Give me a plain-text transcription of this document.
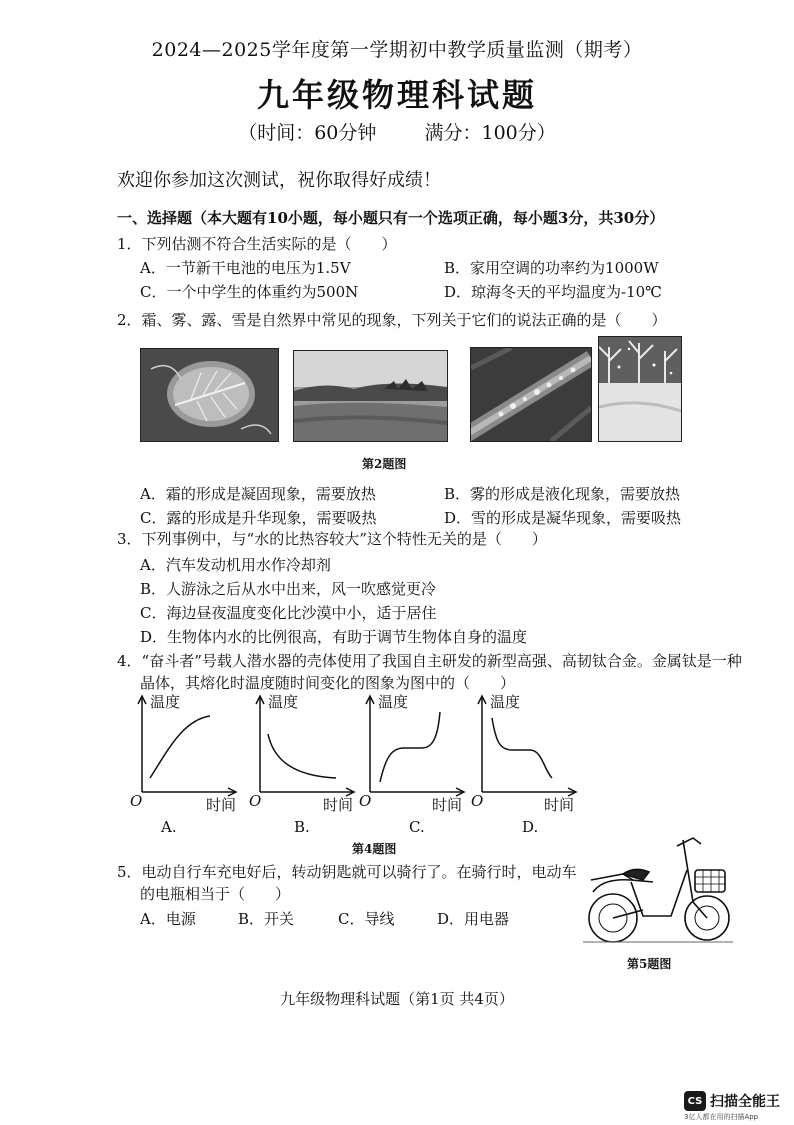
2024—2025学年度第一学期初中教学质量监测（期考）
九年级物理科试题
（时间：60分钟	满分：100分）
欢迎你参加这次测试，祝你取得好成绩！
一、选择题（本大题有10小题，每小题只有一个选项正确，每小题3分，共30分）
1．下列估测不符合生活实际的是（　　）
A．一节新干电池的电压为1.5V	B．家用空调的功率约为1000W
C．一个中学生的体重约为500N	D．琼海冬天的平均温度为-10℃
2．霜、雾、露、雪是自然界中常见的现象，下列关于它们的说法正确的是（　　）
第2题图
A．霜的形成是凝固现象，需要放热	B．雾的形成是液化现象，需要放热
C．露的形成是升华现象，需要吸热	D．雪的形成是凝华现象，需要吸热
3．下列事例中，与“水的比热容较大”这个特性无关的是（　　）
A．汽车发动机用水作冷却剂
B．人游泳之后从水中出来，风一吹感觉更冷
C．海边昼夜温度变化比沙漠中小，适于居住
D．生物体内水的比例很高，有助于调节生物体自身的温度
4．“奋斗者”号载人潜水器的壳体使用了我国自主研发的新型高强、高韧钛合金。金属钛是一种
晶体，其熔化时温度随时间变化的图象为图中的（　　）
温度
O	时间
A.
温度
O	时间
B.
温度
O	时间
C.
温度
O	时间
D.
第4题图
5．电动自行车充电好后，转动钥匙就可以骑行了。在骑行时，电动车
的电瓶相当于（　　）
A．电源	B．开关	C．导线	D．用电器
第5题图
九年级物理科试题（第1页 共4页）
CS 扫描全能王
3亿人都在用的扫描App
